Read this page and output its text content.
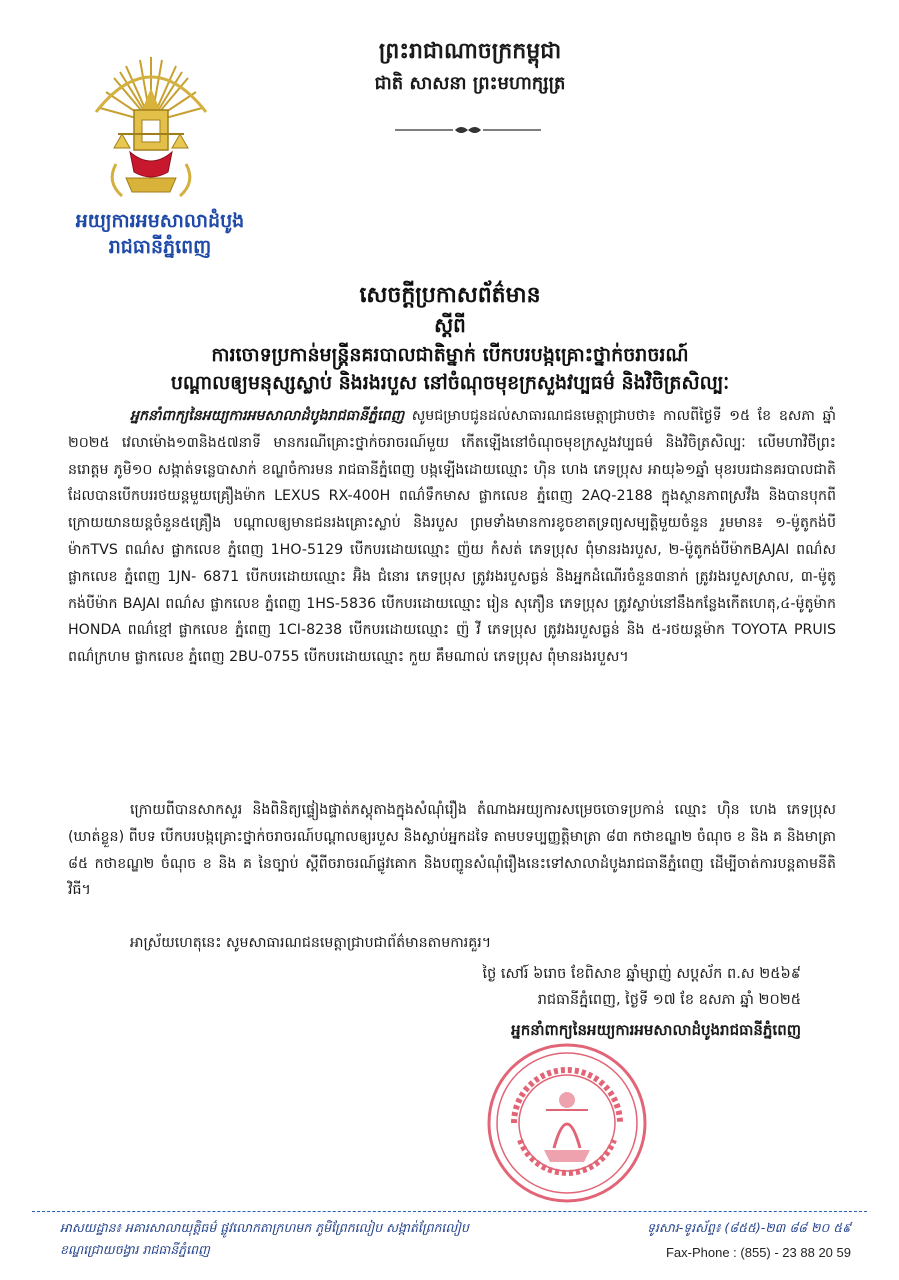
អយ្យការអមសាលាដំបូង
រាជធានីភ្នំពេញ
ព្រះរាជាណាចក្រកម្ពុជា
ជាតិ សាសនា ព្រះមហាក្សត្រ
សេចក្តីប្រកាសព័ត៌មាន
ស្តីពី
ការចោទប្រកាន់មន្ត្រីនគរបាលជាតិម្នាក់ បើកបរបង្កគ្រោះថ្នាក់ចរាចរណ៍
បណ្តាលឲ្យមនុស្សស្លាប់ និងរងរបួស នៅចំណុចមុខក្រសួងវប្បធម៌ និងវិចិត្រសិល្បៈ

អ្នកនាំពាក្យនៃអយ្យការអមសាលាដំបូងរាជធានីភ្នំពេញ សូមជម្រាបជូនដល់សាធារណជនមេត្តាជ្រាបថា៖ កាលពីថ្ងៃទី ១៥ ខែ ឧសភា ឆ្នាំ ២០២៥ វេលាម៉ោង១៣និង៥៧នាទី មានករណីគ្រោះថ្នាក់ចរាចរណ៍មួយ កើតឡើងនៅចំណុចមុខក្រសួងវប្បធម៌ និងវិចិត្រសិល្បៈ លើមហាវិថីព្រះនរោត្តម ភូមិ១០ សង្កាត់ទន្លេបាសាក់ ខណ្ឌចំការមន រាជធានីភ្នំពេញ បង្កឡើងដោយឈ្មោះ ហ៊ិន ហេង ភេទប្រុស អាយុ៦១ឆ្នាំ មុខរបរជានគរបាលជាតិ ដែលបានបើកបររថយន្តមួយគ្រឿងម៉ាក LEXUS RX-400H ពណ៌ទឹកមាស ផ្លាកលេខ ភ្នំពេញ 2AQ-2188 ក្នុងស្ថានភាពស្រវឹង និងបានបុកពីក្រោយយានយន្តចំនួន៥គ្រឿង បណ្តាលឲ្យមានជនរងគ្រោះស្លាប់ និងរបួស ព្រមទាំងមានការខូចខាតទ្រព្យសម្បត្តិមួយចំនួន រួមមាន៖ ១-ម៉ូតូកង់បីម៉ាកTVS ពណ៌ស ផ្លាកលេខ ភ្នំពេញ 1HO-5129 បើកបរដោយឈ្មោះ ញ៉យ កំសត់ ភេទប្រុស ពុំមានរងរបួស, ២-ម៉ូតូកង់បីម៉ាកBAJAI ពណ៌ស ផ្លាកលេខ ភ្នំពេញ 1JN- 6871 បើកបរដោយឈ្មោះ អ៊ិង ជំនោរ ភេទប្រុស ត្រូវរងរបួសធ្ងន់ និងអ្នកដំណើរចំនួន៣នាក់ ត្រូវរងរបួសស្រាល, ៣-ម៉ូតូកង់បីម៉ាក BAJAI ពណ៌ស ផ្លាកលេខ ភ្នំពេញ 1HS-5836 បើកបរដោយឈ្មោះ រៀន សុភឿន ភេទប្រុស ត្រូវស្លាប់នៅនឹងកន្លែងកើតហេតុ,៤-ម៉ូតូម៉ាក HONDA ពណ៌ខ្មៅ ផ្លាកលេខ ភ្នំពេញ 1CI-8238 បើកបរដោយឈ្មោះ ញ៉ វី ភេទប្រុស ត្រូវរងរបួសធ្ងន់ និង ៥-រថយន្តម៉ាក TOYOTA PRUIS ពណ៌ក្រហម ផ្លាកលេខ ភ្នំពេញ 2BU-0755 បើកបរដោយឈ្មោះ កួយ គឹមណាល់ ភេទប្រុស ពុំមានរងរបួស។

ក្រោយពីបានសាកសួរ និងពិនិត្យផ្ទៀងផ្ទាត់ភស្តុតាងក្នុងសំណុំរឿង តំណាងអយ្យការសម្រេចចោទប្រកាន់ ឈ្មោះ ហ៊ិន ហេង ភេទប្រុស (ឃាត់ខ្លួន) ពីបទ បើកបរបង្កគ្រោះថ្នាក់ចរាចរណ៍បណ្តាលឲ្យរបួស និងស្លាប់អ្នកដទៃ តាមបទប្បញ្ញត្តិមាត្រា ៨៣ កថាខណ្ឌ២ ចំណុច ខ និង គ និងមាត្រា ៨៥ កថាខណ្ឌ២ ចំណុច ខ និង គ នៃច្បាប់ ស្តីពីចរាចរណ៍ផ្លូវគោក និងបញ្ជូនសំណុំរឿងនេះទៅសាលាដំបូងរាជធានីភ្នំពេញ ដើម្បីចាត់ការបន្តតាមនីតិវិធី។

អាស្រ័យហេតុនេះ សូមសាធារណជនមេត្តាជ្រាបជាព័ត៌មានតាមការគួរ។

ថ្ងៃ សៅរ៍ ៦រោច ខែពិសាខ ឆ្នាំម្សាញ់ សប្តស័ក ព.ស ២៥៦៩
រាជធានីភ្នំពេញ, ថ្ងៃទី ១៧ ខែ ឧសភា ឆ្នាំ ២០២៥
អ្នកនាំពាក្យនៃអយ្យការអមសាលាដំបូងរាជធានីភ្នំពេញ
អាសយដ្ឋាន៖ អគារសាលាយុត្តិធម៌ ផ្លូវលោកតាក្រហមក ភូមិព្រែកលៀប សង្កាត់ព្រែកលៀប
ខណ្ឌជ្រោយចង្វារ រាជធានីភ្នំពេញ
ទូរសារ-ទូរស័ព្ទ៖ (៨៥៥)-២៣ ៨៨ ២០ ៥៩
Fax-Phone : (855) - 23 88 20 59
